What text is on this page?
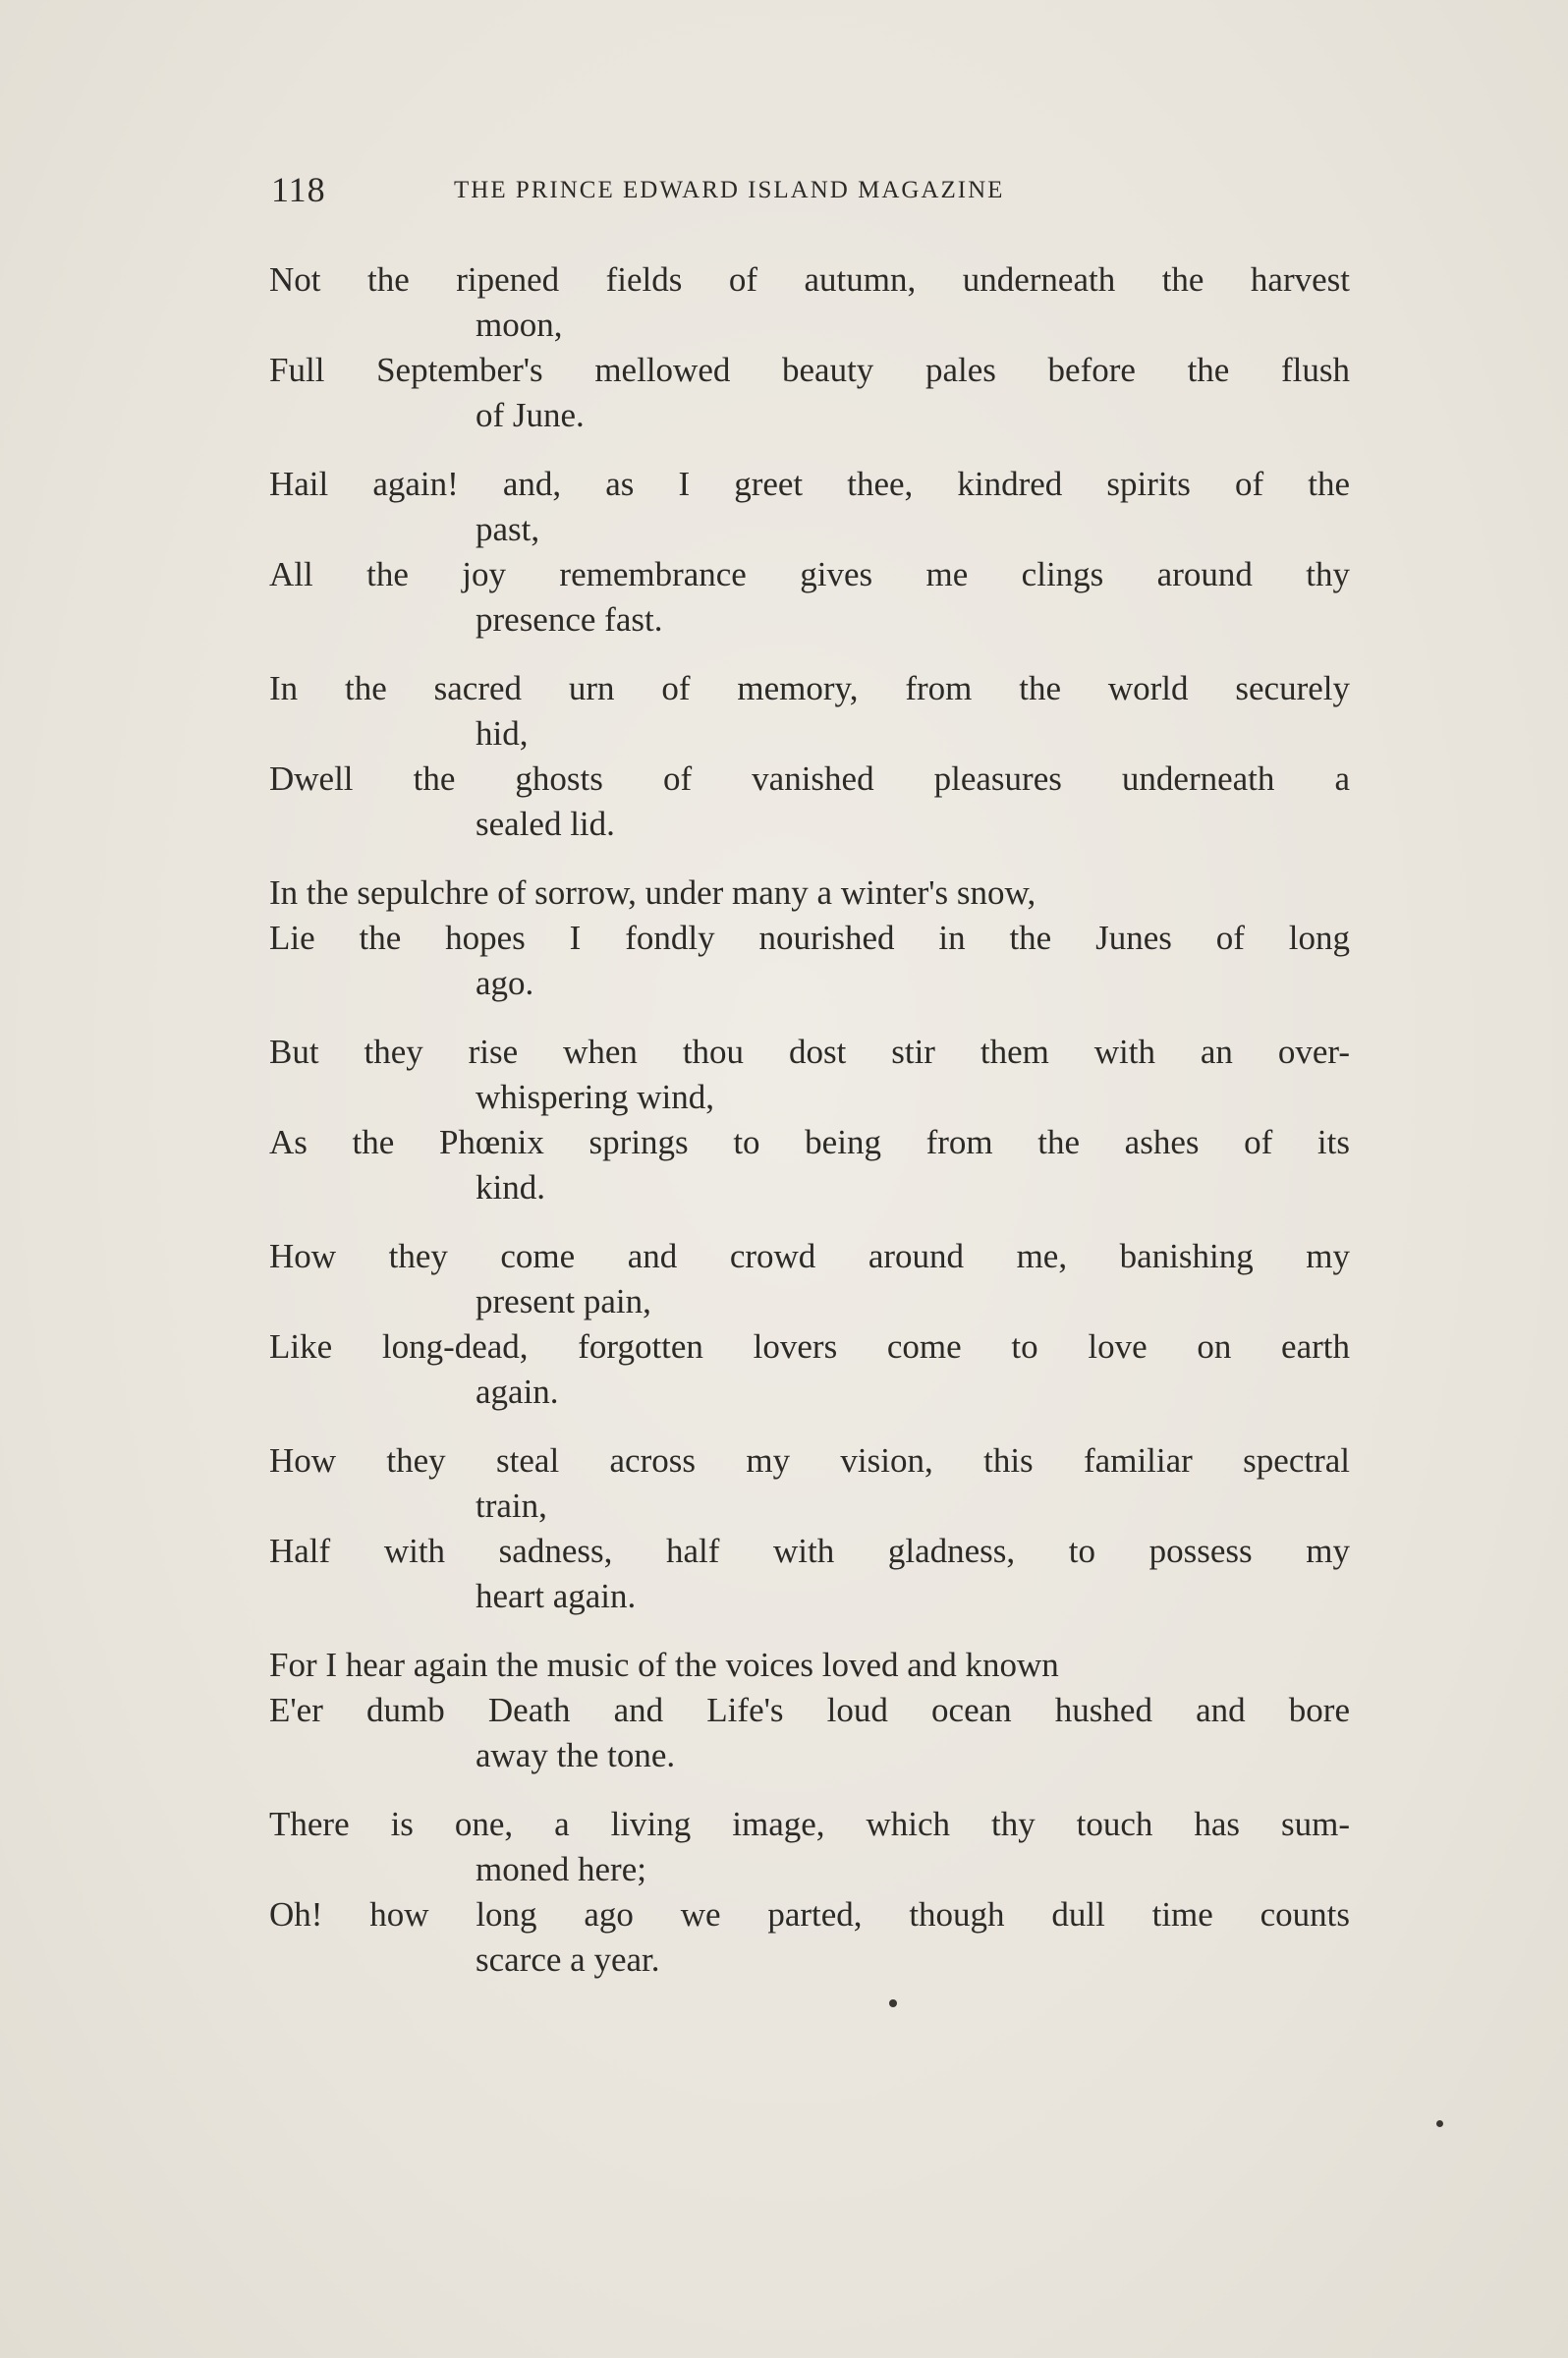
118	THE PRINCE EDWARD ISLAND MAGAZINE
Not the ripened fields of autumn, underneath the harvest
moon,
Full September's mellowed beauty pales before the flush
of June.
Hail again! and, as I greet thee, kindred spirits of the
past,
All the joy remembrance gives me clings around thy
presence fast.
In the sacred urn of memory, from the world securely
hid,
Dwell the ghosts of vanished pleasures underneath a
sealed lid.
In the sepulchre of sorrow, under many a winter's snow,
Lie the hopes I fondly nourished in the Junes of long
ago.
But they rise when thou dost stir them with an over-
whispering wind,
As the Phœnix springs to being from the ashes of its
kind.
How they come and crowd around me, banishing my
present pain,
Like long-dead, forgotten lovers come to love on earth
again.
How they steal across my vision, this familiar spectral
train,
Half with sadness, half with gladness, to possess my
heart again.
For I hear again the music of the voices loved and known
E'er dumb Death and Life's loud ocean hushed and bore
away the tone.
There is one, a living image, which thy touch has sum-
moned here;
Oh! how long ago we parted, though dull time counts
scarce a year.
